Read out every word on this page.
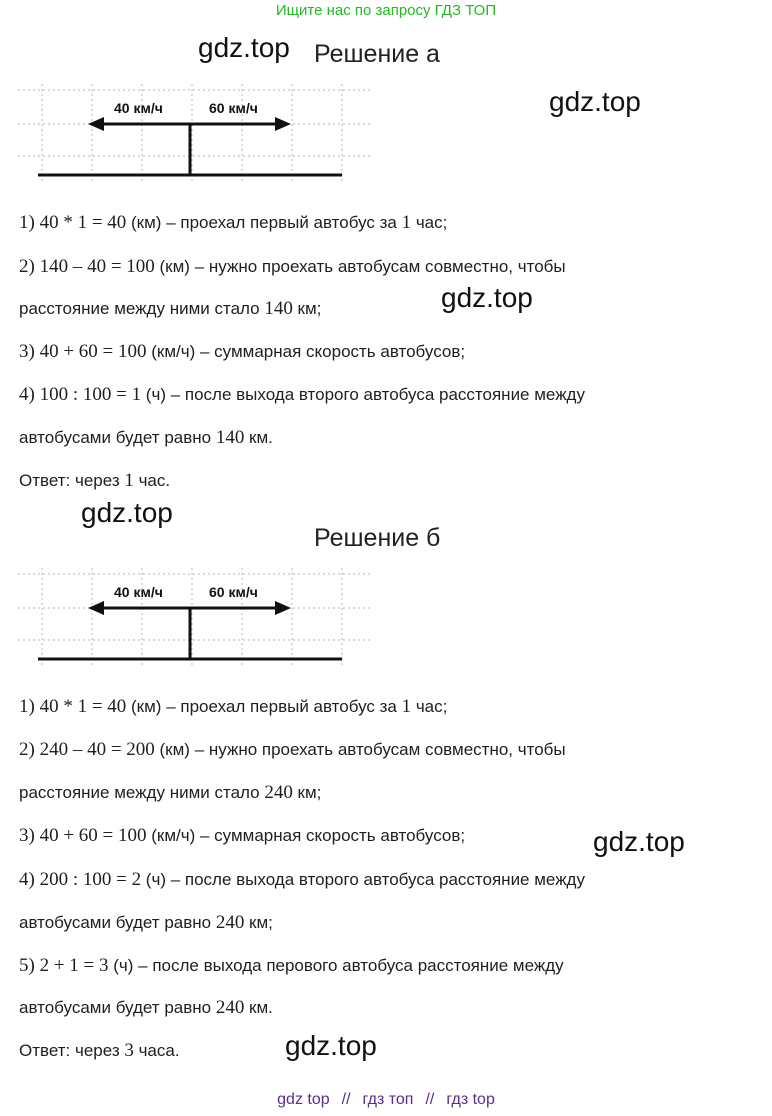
Ищите нас по запросу ГДЗ ТОП
gdz.top
gdz.top
gdz.top
gdz.top
gdz.top
gdz.top
Решение а
40 км/ч	60 км/ч
1) 40 * 1 = 40 (км) – проехал первый автобус за 1 час;
2) 140 – 40 = 100 (км) – нужно проехать автобусам совместно, чтобы
расстояние между ними стало 140 км;
3) 40 + 60 = 100 (км/ч) – суммарная скорость автобусов;
4) 100 : 100 = 1 (ч) – после выхода второго автобуса расстояние между
автобусами будет равно 140 км.
Ответ: через 1 час.
Решение б
40 км/ч	60 км/ч
1) 40 * 1 = 40 (км) – проехал первый автобус за 1 час;
2) 240 – 40 = 200 (км) – нужно проехать автобусам совместно, чтобы
расстояние между ними стало 240 км;
3) 40 + 60 = 100 (км/ч) – суммарная скорость автобусов;
4) 200 : 100 = 2 (ч) – после выхода второго автобуса расстояние между
автобусами будет равно 240 км;
5) 2 + 1 = 3 (ч) – после выхода перового автобуса расстояние между
автобусами будет равно 240 км.
Ответ: через 3 часа.
gdz top // гдз топ // гдз top
